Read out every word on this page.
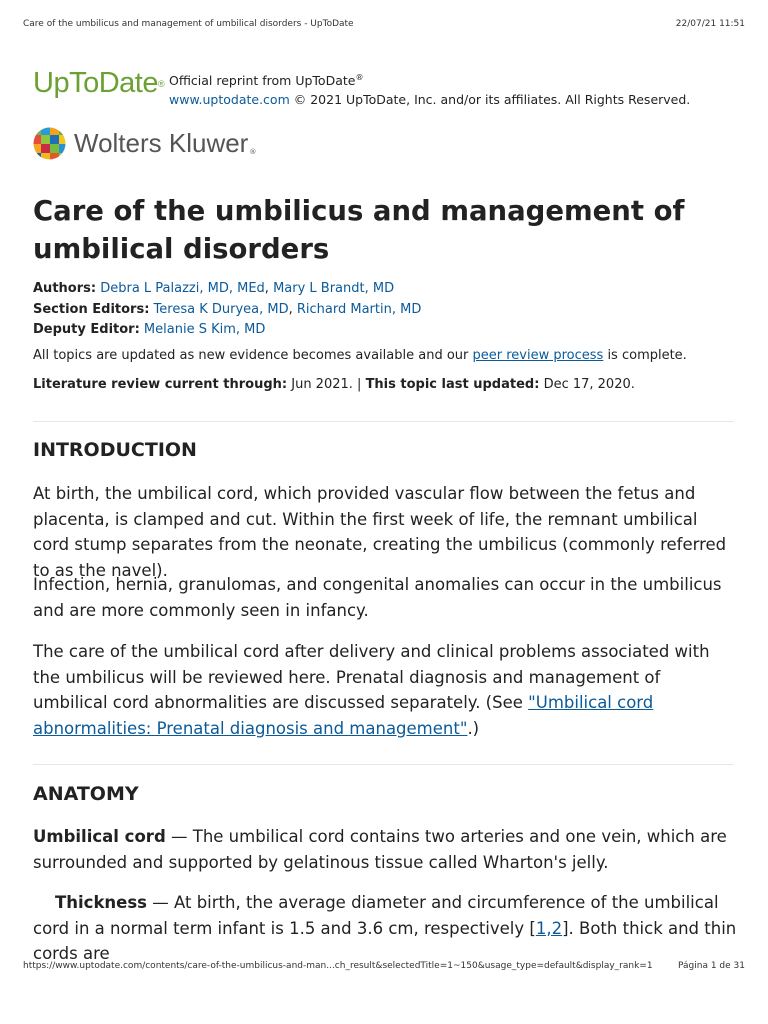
Care of the umbilicus and management of umbilical disorders - UpToDate	22/07/21 11:51
UpToDate® Official reprint from UpToDate®
www.uptodate.com © 2021 UpToDate, Inc. and/or its affiliates. All Rights Reserved.
Wolters Kluwer ®
Care of the umbilicus and management of umbilical disorders
Authors: Debra L Palazzi, MD, MEd, Mary L Brandt, MD
Section Editors: Teresa K Duryea, MD, Richard Martin, MD
Deputy Editor: Melanie S Kim, MD
All topics are updated as new evidence becomes available and our peer review process is complete.
Literature review current through: Jun 2021. | This topic last updated: Dec 17, 2020.
INTRODUCTION

At birth, the umbilical cord, which provided vascular flow between the fetus and placenta, is clamped and cut. Within the first week of life, the remnant umbilical cord stump separates from the neonate, creating the umbilicus (commonly referred to as the navel).

Infection, hernia, granulomas, and congenital anomalies can occur in the umbilicus and are more commonly seen in infancy.

The care of the umbilical cord after delivery and clinical problems associated with the umbilicus will be reviewed here. Prenatal diagnosis and management of umbilical cord abnormalities are discussed separately. (See "Umbilical cord abnormalities: Prenatal diagnosis and management".)

ANATOMY

Umbilical cord — The umbilical cord contains two arteries and one vein, which are surrounded and supported by gelatinous tissue called Wharton's jelly.

Thickness — At birth, the average diameter and circumference of the umbilical cord in a normal term infant is 1.5 and 3.6 cm, respectively [1,2]. Both thick and thin cords are

https://www.uptodate.com/contents/care-of-the-umbilicus-and-man...ch_result&selectedTitle=1~150&usage_type=default&display_rank=1	Página 1 de 31
